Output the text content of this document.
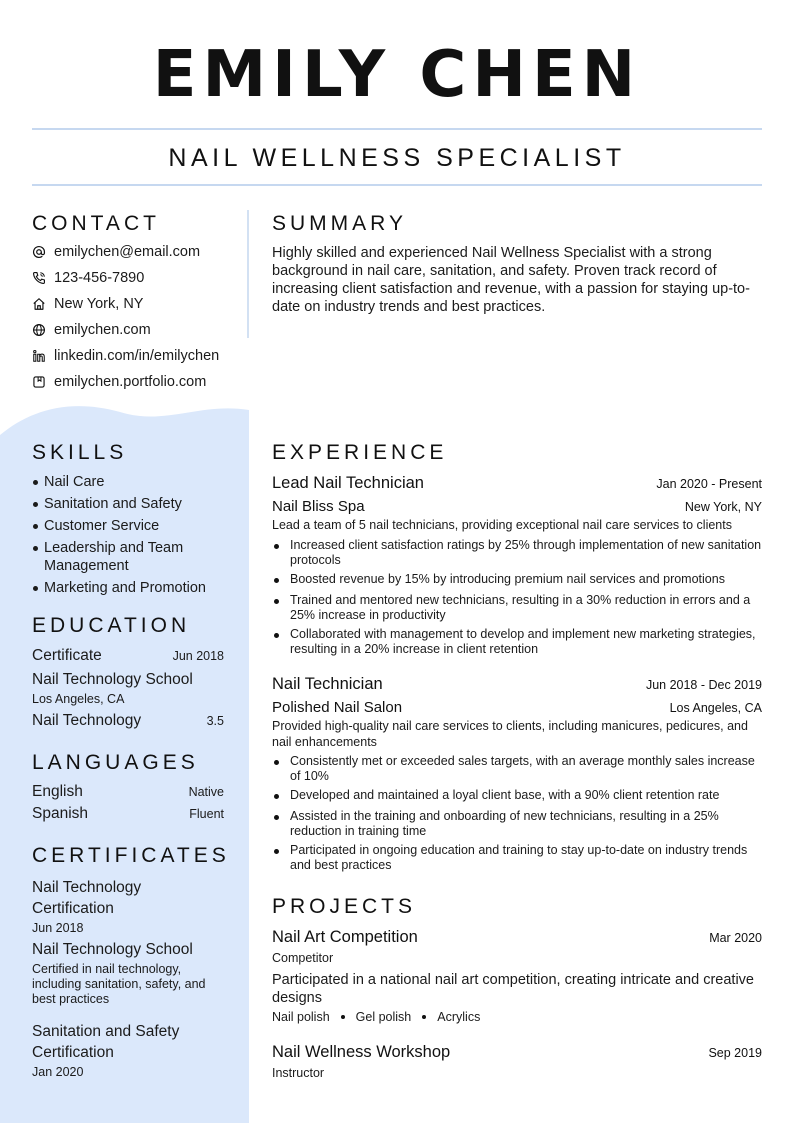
EMILY CHEN
NAIL WELLNESS SPECIALIST
CONTACT
emilychen@email.com
123-456-7890
New York, NY
emilychen.com
linkedin.com/in/emilychen
emilychen.portfolio.com
SUMMARY
Highly skilled and experienced Nail Wellness Specialist with a strong background in nail care, sanitation, and safety. Proven track record of increasing client satisfaction and revenue, with a passion for staying up-to-date on industry trends and best practices.
SKILLS
Nail Care
Sanitation and Safety
Customer Service
Leadership and Team Management
Marketing and Promotion
EDUCATION
Certificate	Jun 2018
Nail Technology School
Los Angeles, CA
Nail Technology	3.5
LANGUAGES
English	Native
Spanish	Fluent
CERTIFICATES
Nail Technology Certification
Jun 2018
Nail Technology School
Certified in nail technology, including sanitation, safety, and best practices
Sanitation and Safety Certification
Jan 2020
EXPERIENCE
Lead Nail Technician	Jan 2020 - Present
Nail Bliss Spa	New York, NY
Lead a team of 5 nail technicians, providing exceptional nail care services to clients
Increased client satisfaction ratings by 25% through implementation of new sanitation protocols
Boosted revenue by 15% by introducing premium nail services and promotions
Trained and mentored new technicians, resulting in a 30% reduction in errors and a 25% increase in productivity
Collaborated with management to develop and implement new marketing strategies, resulting in a 20% increase in client retention
Nail Technician	Jun 2018 - Dec 2019
Polished Nail Salon	Los Angeles, CA
Provided high-quality nail care services to clients, including manicures, pedicures, and nail enhancements
Consistently met or exceeded sales targets, with an average monthly sales increase of 10%
Developed and maintained a loyal client base, with a 90% client retention rate
Assisted in the training and onboarding of new technicians, resulting in a 25% reduction in training time
Participated in ongoing education and training to stay up-to-date on industry trends and best practices
PROJECTS
Nail Art Competition	Mar 2020
Competitor
Participated in a national nail art competition, creating intricate and creative designs
Nail polish Gel polish Acrylics
Nail Wellness Workshop	Sep 2019
Instructor
